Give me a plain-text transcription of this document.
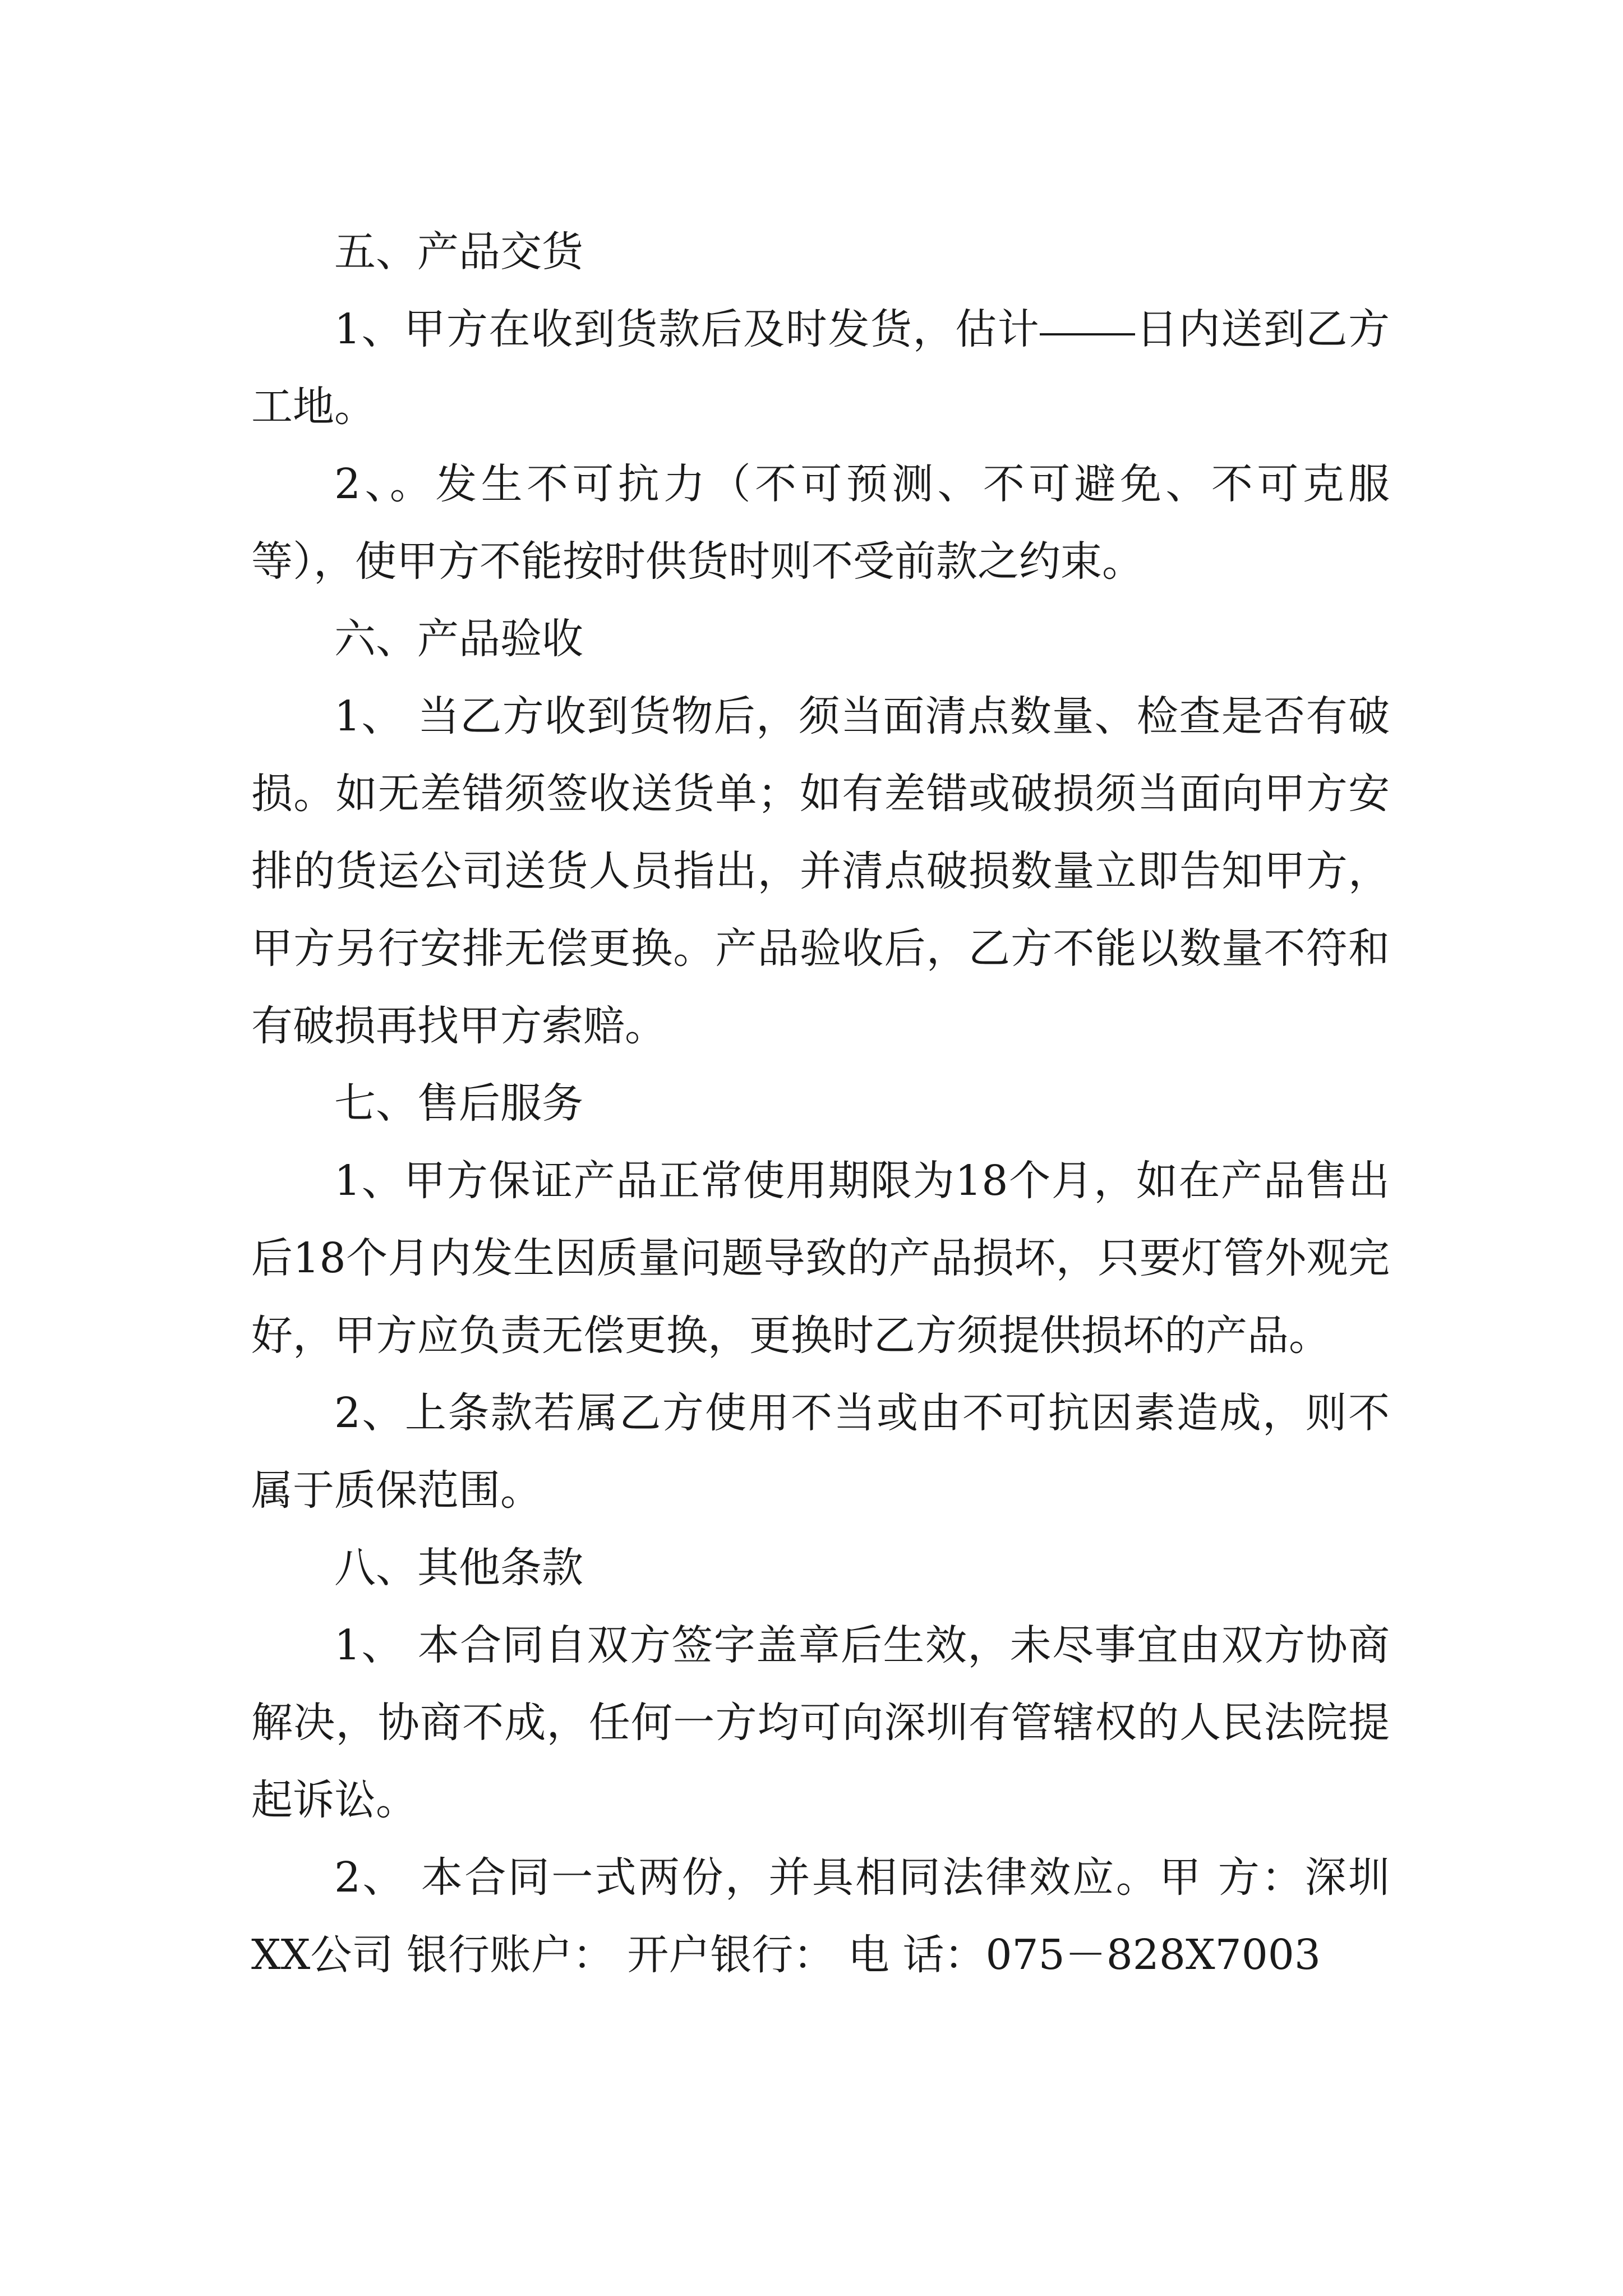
五、产品交货

1、甲方在收到货款后及时发货，估计 日内送到乙方工地。

2、。发生不可抗力（不可预测、不可避免、不可克服等），使甲方不能按时供货时则不受前款之约束。

六、产品验收

1、 当乙方收到货物后，须当面清点数量、检查是否有破损。如无差错须签收送货单；如有差错或破损须当面向甲方安排的货运公司送货人员指出，并清点破损数量立即告知甲方，甲方另行安排无偿更换。产品验收后，乙方不能以数量不符和有破损再找甲方索赔。

七、售后服务

1、甲方保证产品正常使用期限为18个月，如在产品售出后18个月内发生因质量问题导致的产品损坏，只要灯管外观完好，甲方应负责无偿更换，更换时乙方须提供损坏的产品。

2、上条款若属乙方使用不当或由不可抗因素造成，则不属于质保范围。

八、其他条款

1、 本合同自双方签字盖章后生效，未尽事宜由双方协商解决，协商不成，任何一方均可向深圳有管辖权的人民法院提起诉讼。

2、 本合同一式两份，并具相同法律效应。甲 方：深圳XX公司 银行账户： 开户银行： 电 话：075－828X7003
